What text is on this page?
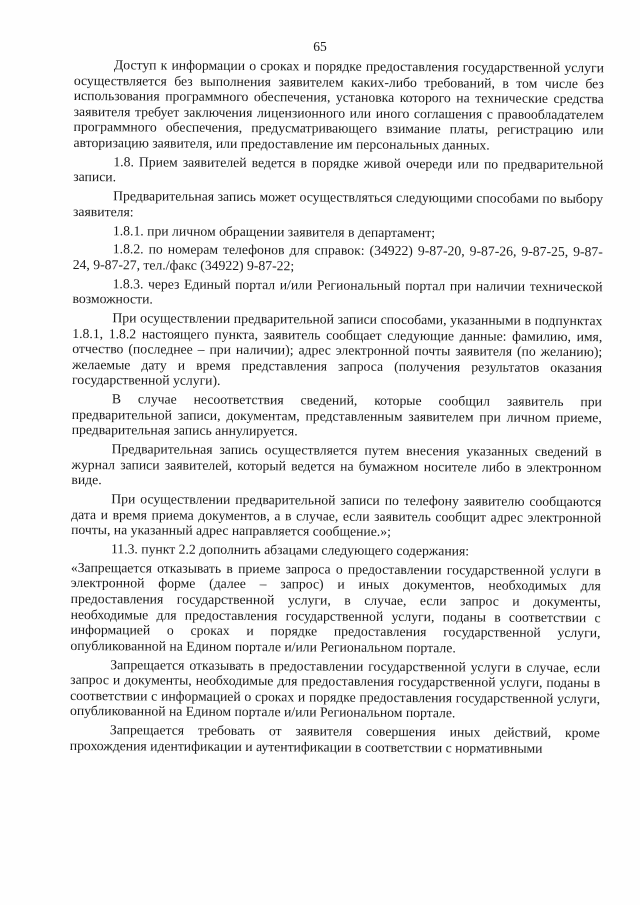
65

Доступ к информации о сроках и порядке предоставления государственной услуги осуществляется без выполнения заявителем каких-либо требований, в том числе без использования программного обеспечения, установка которого на технические средства заявителя требует заключения лицензионного или иного соглашения с правообладателем программного обеспечения, предусматривающего взимание платы, регистрацию или авторизацию заявителя, или предоставление им персональных данных.

1.8. Прием заявителей ведется в порядке живой очереди или по предварительной записи.

Предварительная запись может осуществляться следующими способами по выбору заявителя:

1.8.1. при личном обращении заявителя в департамент;

1.8.2. по номерам телефонов для справок: (34922) 9-87-20, 9-87-26, 9-87-25, 9-87-24, 9-87-27, тел./факс (34922) 9-87-22;

1.8.3. через Единый портал и/или Региональный портал при наличии технической возможности.

При осуществлении предварительной записи способами, указанными в подпунктах 1.8.1, 1.8.2 настоящего пункта, заявитель сообщает следующие данные: фамилию, имя, отчество (последнее – при наличии); адрес электронной почты заявителя (по желанию); желаемые дату и время представления запроса (получения результатов оказания государственной услуги).

В случае несоответствия сведений, которые сообщил заявитель при предварительной записи, документам, представленным заявителем при личном приеме, предварительная запись аннулируется.

Предварительная запись осуществляется путем внесения указанных сведений в журнал записи заявителей, который ведется на бумажном носителе либо в электронном виде.

При осуществлении предварительной записи по телефону заявителю сообщаются дата и время приема документов, а в случае, если заявитель сообщит адрес электронной почты, на указанный адрес направляется сообщение.»;

11.3. пункт 2.2 дополнить абзацами следующего содержания:

«Запрещается отказывать в приеме запроса о предоставлении государственной услуги в электронной форме (далее – запрос) и иных документов, необходимых для предоставления государственной услуги, в случае, если запрос и документы, необходимые для предоставления государственной услуги, поданы в соответствии с информацией о сроках и порядке предоставления государственной услуги, опубликованной на Едином портале и/или Региональном портале.

Запрещается отказывать в предоставлении государственной услуги в случае, если запрос и документы, необходимые для предоставления государственной услуги, поданы в соответствии с информацией о сроках и порядке предоставления государственной услуги, опубликованной на Едином портале и/или Региональном портале.

Запрещается требовать от заявителя совершения иных действий, кроме прохождения идентификации и аутентификации в соответствии с нормативными
